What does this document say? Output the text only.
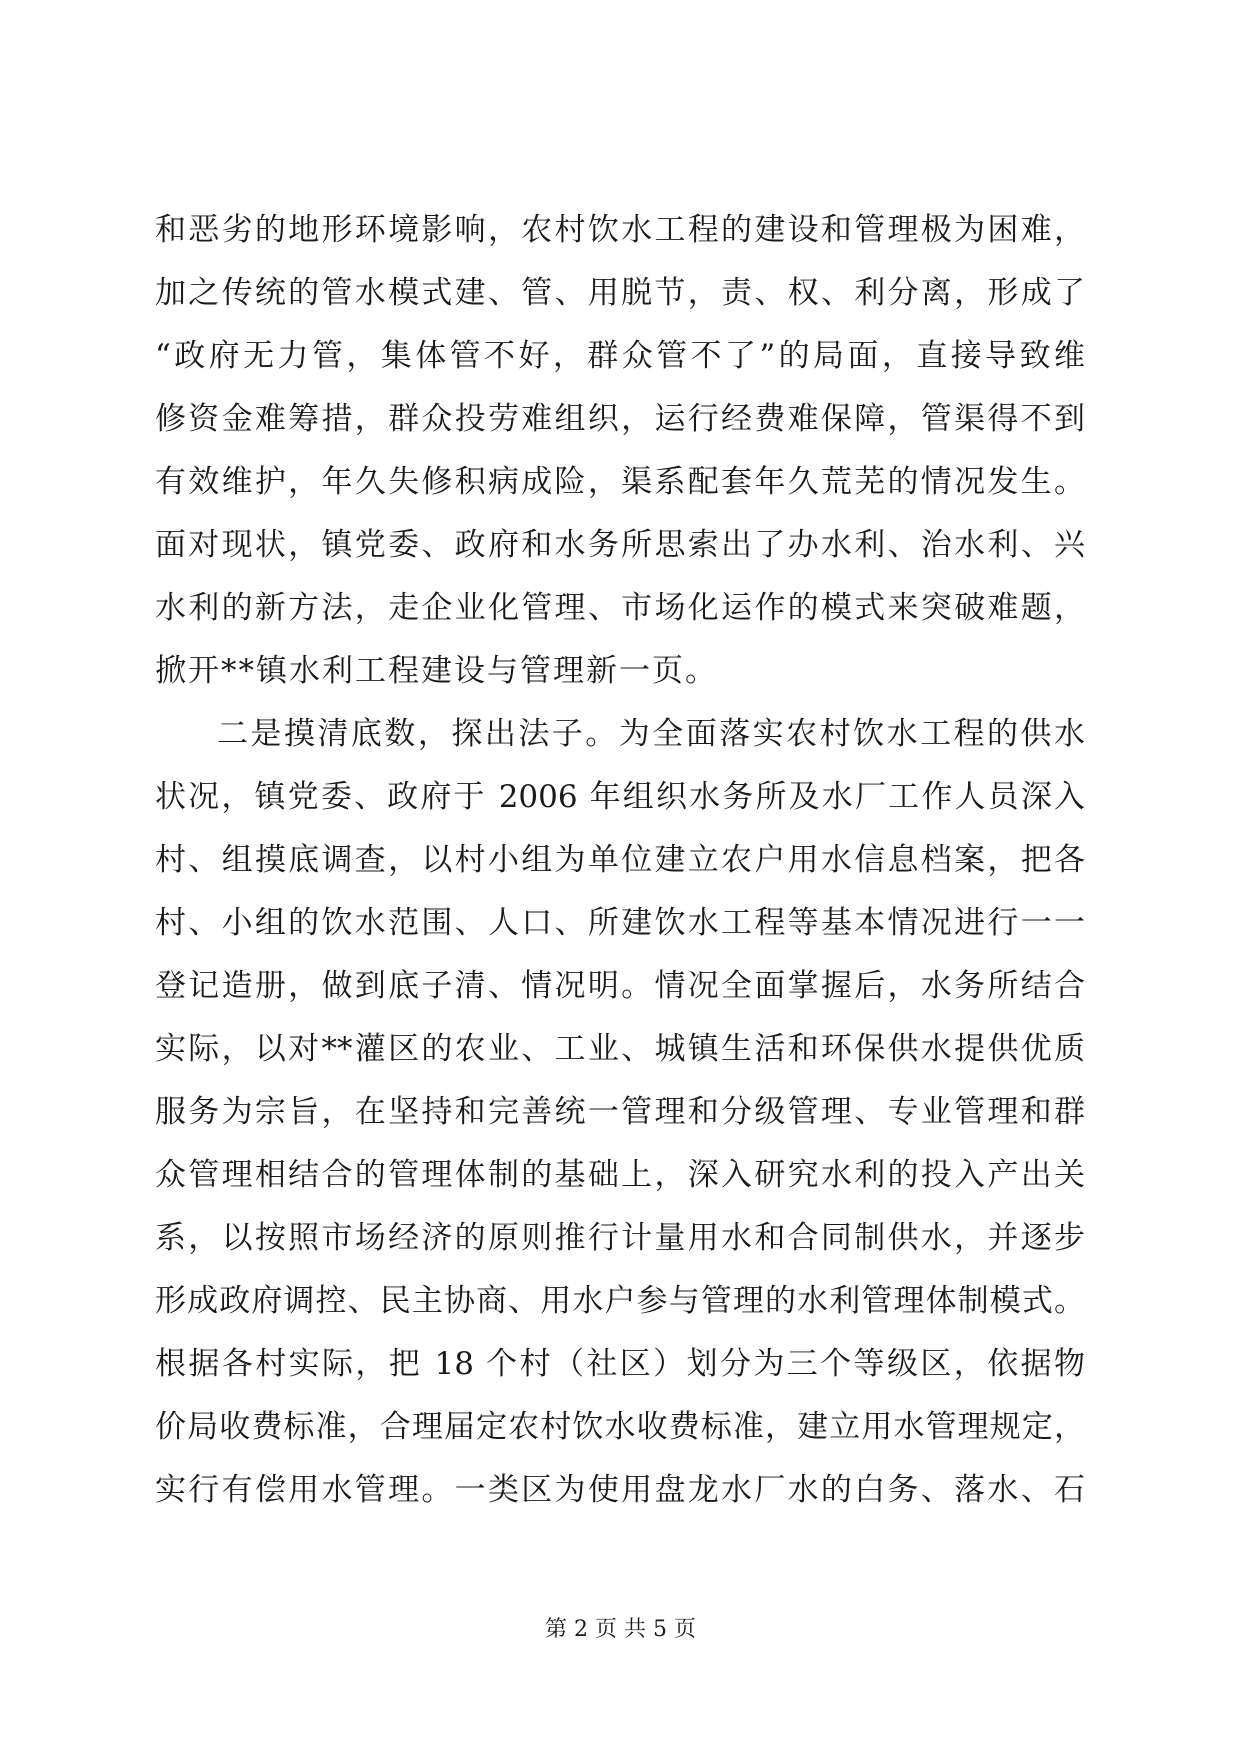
和恶劣的地形环境影响，农村饮水工程的建设和管理极为困难，
加之传统的管水模式建、管、用脱节，责、权、利分离，形成了
“政府无力管，集体管不好，群众管不了”的局面，直接导致维
修资金难筹措，群众投劳难组织，运行经费难保障，管渠得不到
有效维护，年久失修积病成险，渠系配套年久荒芜的情况发生。
面对现状，镇党委、政府和水务所思索出了办水利、治水利、兴
水利的新方法，走企业化管理、市场化运作的模式来突破难题，
掀开**镇水利工程建设与管理新一页。
二是摸清底数，探出法子。为全面落实农村饮水工程的供水
状况，镇党委、政府于 2006 年组织水务所及水厂工作人员深入
村、组摸底调查，以村小组为单位建立农户用水信息档案，把各
村、小组的饮水范围、人口、所建饮水工程等基本情况进行一一
登记造册，做到底子清、情况明。情况全面掌握后，水务所结合
实际，以对**灌区的农业、工业、城镇生活和环保供水提供优质
服务为宗旨，在坚持和完善统一管理和分级管理、专业管理和群
众管理相结合的管理体制的基础上，深入研究水利的投入产出关
系，以按照市场经济的原则推行计量用水和合同制供水，并逐步
形成政府调控、民主协商、用水户参与管理的水利管理体制模式。
根据各村实际，把 18 个村（社区）划分为三个等级区，依据物
价局收费标准，合理届定农村饮水收费标准，建立用水管理规定，
实行有偿用水管理。一类区为使用盘龙水厂水的白务、落水、石
第 2 页 共 5 页
